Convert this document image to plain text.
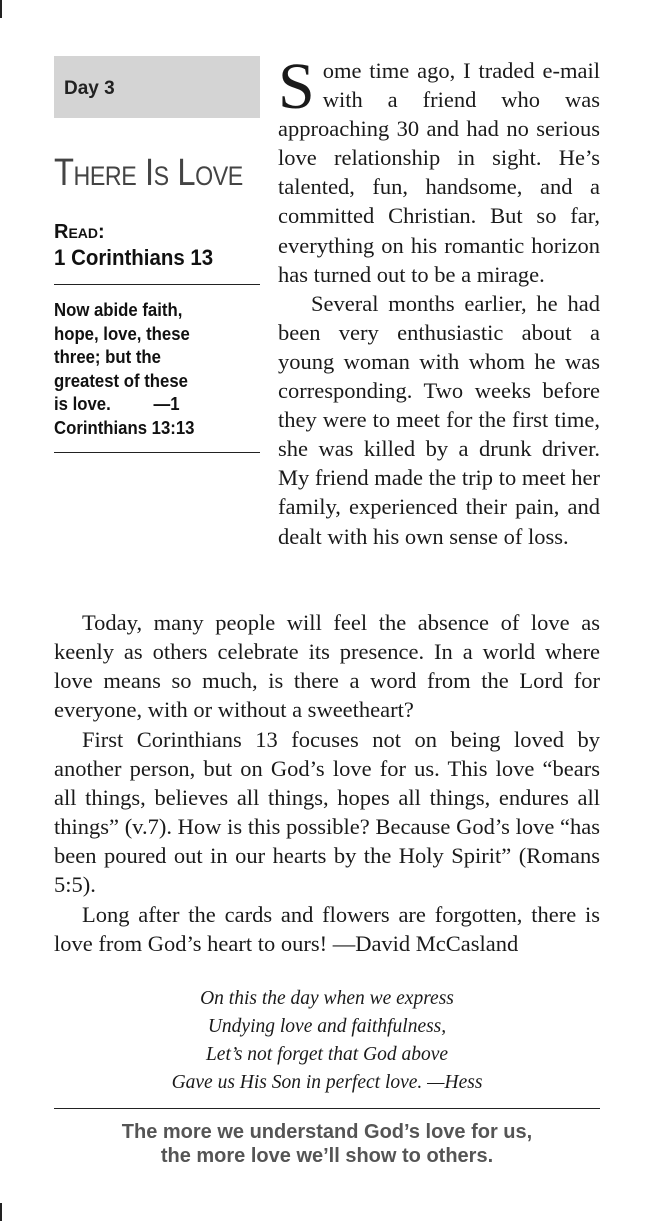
Day 3
There Is Love
Read:
1 Corinthians 13
Now abide faith,
hope, love, these
three; but the
greatest of these
is love. —1
Corinthians 13:13

Some time ago, I traded e-mail with a friend who was approaching 30 and had no serious love relationship in sight. He’s talented, fun, handsome, and a committed Christian. But so far, everything on his romantic horizon has turned out to be a mirage.

Several months earlier, he had been very enthusiastic about a young woman with whom he was corresponding. Two weeks before they were to meet for the first time, she was killed by a drunk driver. My friend made the trip to meet her family, experienced their pain, and dealt with his own sense of loss.

Today, many people will feel the absence of love as keenly as others celebrate its presence. In a world where love means so much, is there a word from the Lord for everyone, with or without a sweetheart?

First Corinthians 13 focuses not on being loved by another person, but on God’s love for us. This love “bears all things, believes all things, hopes all things, endures all things” (v.7). How is this possible? Because God’s love “has been poured out in our hearts by the Holy Spirit” (Romans 5:5).

Long after the cards and flowers are forgotten, there is love from God’s heart to ours! —David McCasland

On this the day when we express
Undying love and faithfulness,
Let’s not forget that God above
Gave us His Son in perfect love. —Hess
The more we understand God’s love for us,
the more love we’ll show to others.
